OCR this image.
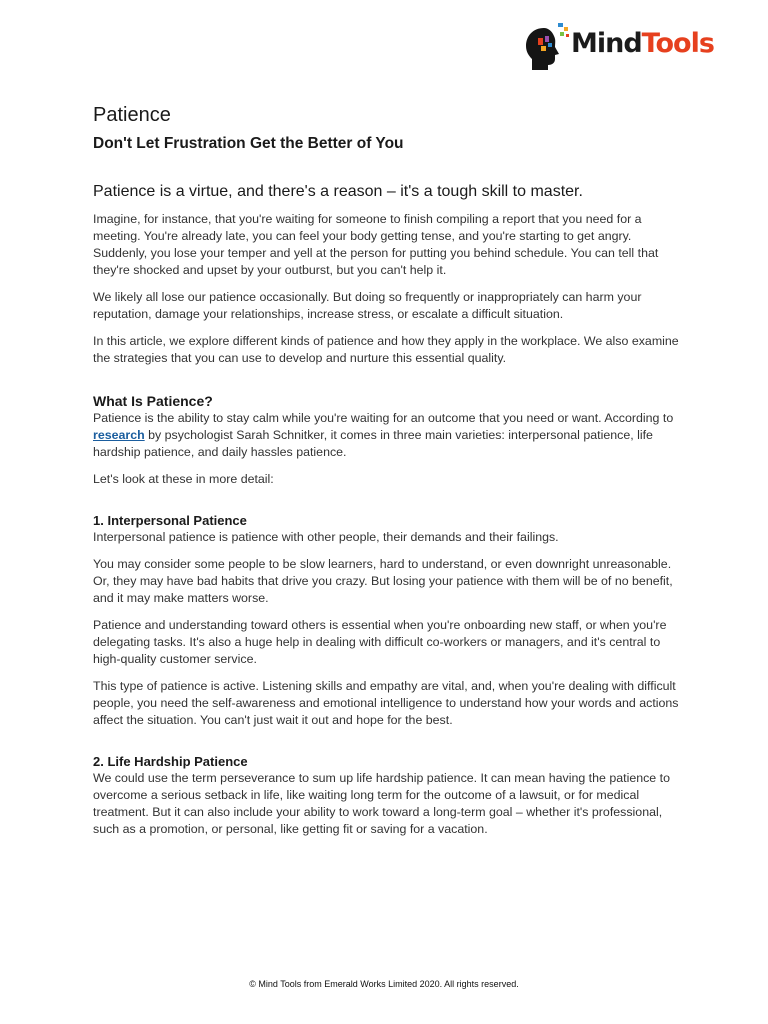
MindTools
Patience
Don't Let Frustration Get the Better of You
Patience is a virtue, and there's a reason – it's a tough skill to master.

Imagine, for instance, that you're waiting for someone to finish compiling a report that you need for a meeting. You're already late, you can feel your body getting tense, and you're starting to get angry. Suddenly, you lose your temper and yell at the person for putting you behind schedule. You can tell that they're shocked and upset by your outburst, but you can't help it.

We likely all lose our patience occasionally. But doing so frequently or inappropriately can harm your reputation, damage your relationships, increase stress, or escalate a difficult situation.

In this article, we explore different kinds of patience and how they apply in the workplace. We also examine the strategies that you can use to develop and nurture this essential quality.

What Is Patience?

Patience is the ability to stay calm while you're waiting for an outcome that you need or want. According to research by psychologist Sarah Schnitker, it comes in three main varieties: interpersonal patience, life hardship patience, and daily hassles patience.

Let's look at these in more detail:

1. Interpersonal Patience

Interpersonal patience is patience with other people, their demands and their failings.

You may consider some people to be slow learners, hard to understand, or even downright unreasonable. Or, they may have bad habits that drive you crazy. But losing your patience with them will be of no benefit, and it may make matters worse.

Patience and understanding toward others is essential when you're onboarding new staff, or when you're delegating tasks. It's also a huge help in dealing with difficult co-workers or managers, and it's central to high-quality customer service.

This type of patience is active. Listening skills and empathy are vital, and, when you're dealing with difficult people, you need the self-awareness and emotional intelligence to understand how your words and actions affect the situation. You can't just wait it out and hope for the best.

2. Life Hardship Patience

We could use the term perseverance to sum up life hardship patience. It can mean having the patience to overcome a serious setback in life, like waiting long term for the outcome of a lawsuit, or for medical treatment. But it can also include your ability to work toward a long-term goal – whether it's professional, such as a promotion, or personal, like getting fit or saving for a vacation.

© Mind Tools from Emerald Works Limited 2020. All rights reserved.
